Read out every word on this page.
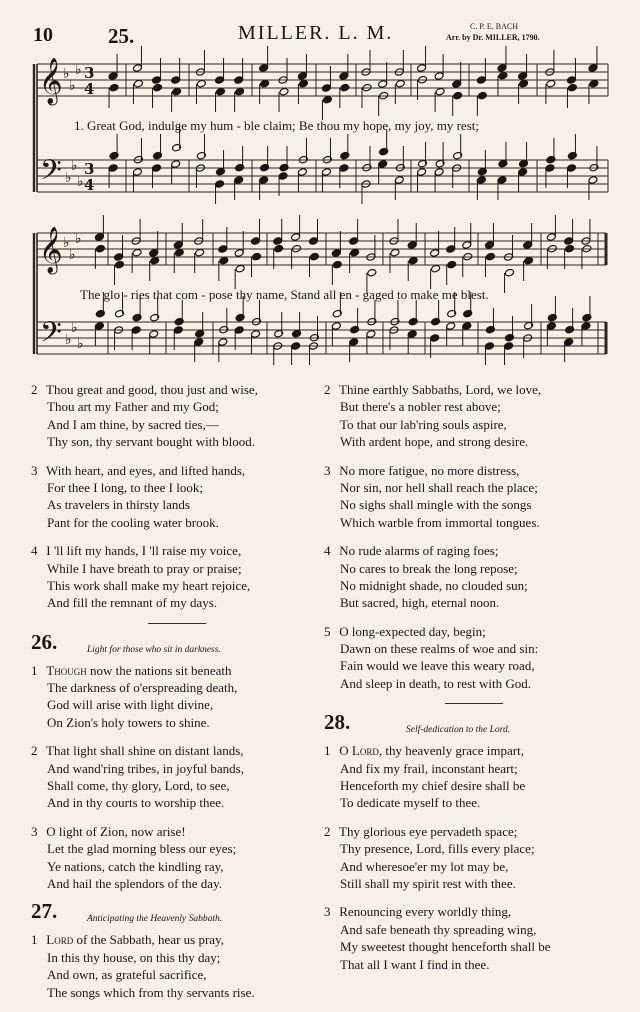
10	25.	MILLER. L. M.	C. P. E. BACH
Arr. by Dr. MILLER, 1790.
𝄞
𝄢
♭
♭
♭
♭
♭
♭
3
4
3
4
𝄞
𝄢
♭
♭
♭
♭
♭
♭
1. Great God, indulge my hum - ble claim; Be thou my hope, my joy, my rest;
The glo - ries that com - pose thy name, Stand all en - gaged to make me blest.
2 Thou great and good, thou just and wise,
Thou art my Father and my God;
And I am thine, by sacred ties,—
Thy son, thy servant bought with blood.
3 With heart, and eyes, and lifted hands,
For thee I long, to thee I look;
As travelers in thirsty lands
Pant for the cooling water brook.
4 I 'll lift my hands, I 'll raise my voice,
While I have breath to pray or praise;
This work shall make my heart rejoice,
And fill the remnant of my days.
26.	Light for those who sit in darkness.
1 Though now the nations sit beneath
The darkness of o'erspreading death,
God will arise with light divine,
On Zion's holy towers to shine.
2 That light shall shine on distant lands,
And wand'ring tribes, in joyful bands,
Shall come, thy glory, Lord, to see,
And in thy courts to worship thee.
3 O light of Zion, now arise!
Let the glad morning bless our eyes;
Ye nations, catch the kindling ray,
And hail the splendors of the day.
27.	Anticipating the Heavenly Sabbath.
1 Lord of the Sabbath, hear us pray,
In this thy house, on this thy day;
And own, as grateful sacrifice,
The songs which from thy servants rise.
2 Thine earthly Sabbaths, Lord, we love,
But there's a nobler rest above;
To that our lab'ring souls aspire,
With ardent hope, and strong desire.
3 No more fatigue, no more distress,
Nor sin, nor hell shall reach the place;
No sighs shall mingle with the songs
Which warble from immortal tongues.
4 No rude alarms of raging foes;
No cares to break the long repose;
No midnight shade, no clouded sun;
But sacred, high, eternal noon.
5 O long-expected day, begin;
Dawn on these realms of woe and sin:
Fain would we leave this weary road,
And sleep in death, to rest with God.
28.	Self-dedication to the Lord.
1 O Lord, thy heavenly grace impart,
And fix my frail, inconstant heart;
Henceforth my chief desire shall be
To dedicate myself to thee.
2 Thy glorious eye pervadeth space;
Thy presence, Lord, fills every place;
And wheresoe'er my lot may be,
Still shall my spirit rest with thee.
3 Renouncing every worldly thing,
And safe beneath thy spreading wing,
My sweetest thought henceforth shall be
That all I want I find in thee.
